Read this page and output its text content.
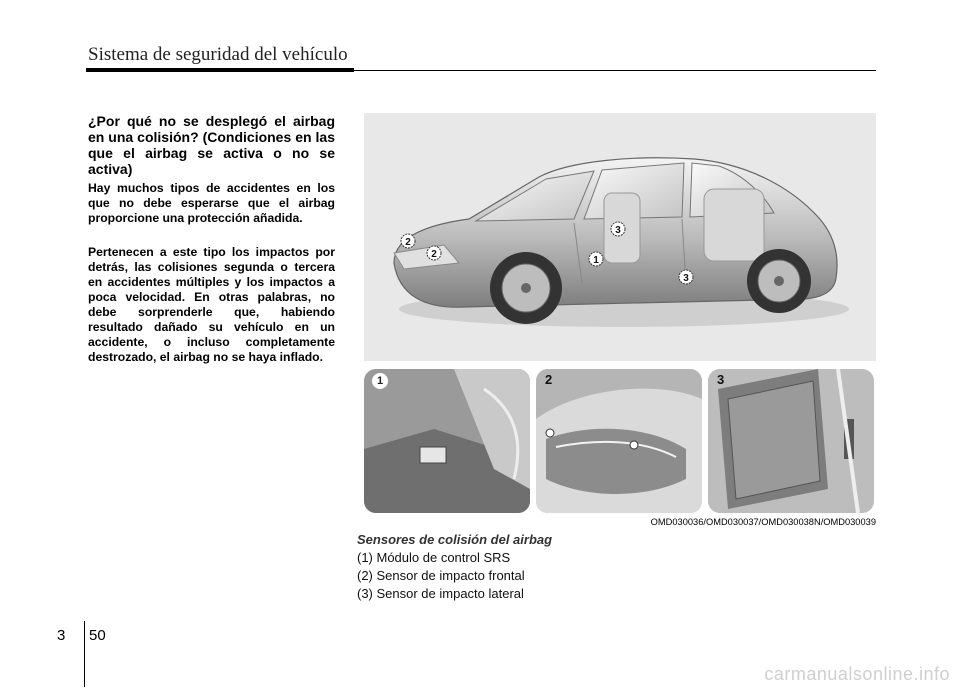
Sistema de seguridad del vehículo
¿Por qué no se desplegó el airbag en una colisión? (Condiciones en las que el airbag se activa o no se activa)
Hay muchos tipos de accidentes en los que no debe esperarse que el airbag proporcione una protección añadida.
Pertenecen a este tipo los impactos por detrás, las colisiones segunda o tercera en accidentes múltiples y los impactos a poca velocidad. En otras palabras, no debe sorprenderle que, habiendo resultado dañado su vehículo en un accidente, o incluso completamente destrozado, el airbag no se haya inflado.
1
2
2
3
3
1	2	3
OMD030036/OMD030037/OMD030038N/OMD030039
Sensores de colisión del airbag
(1) Módulo de control SRS
(2) Sensor de impacto frontal
(3) Sensor de impacto lateral
3 50
carmanualsonline.info
